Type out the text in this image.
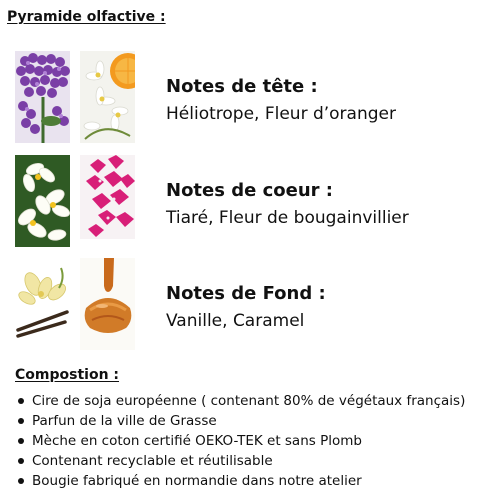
Pyramide olfactive :
Notes de tête :
Héliotrope, Fleur d’oranger
Notes de coeur :
Tiaré, Fleur de bougainvillier
Notes de Fond :
Vanille, Caramel
Compostion :
Cire de soja européenne ( contenant 80% de végétaux français)
Parfun de la ville de Grasse
Mèche en coton certifié OEKO-TEK et sans Plomb
Contenant recyclable et réutilisable
Bougie fabriqué en normandie dans notre atelier
